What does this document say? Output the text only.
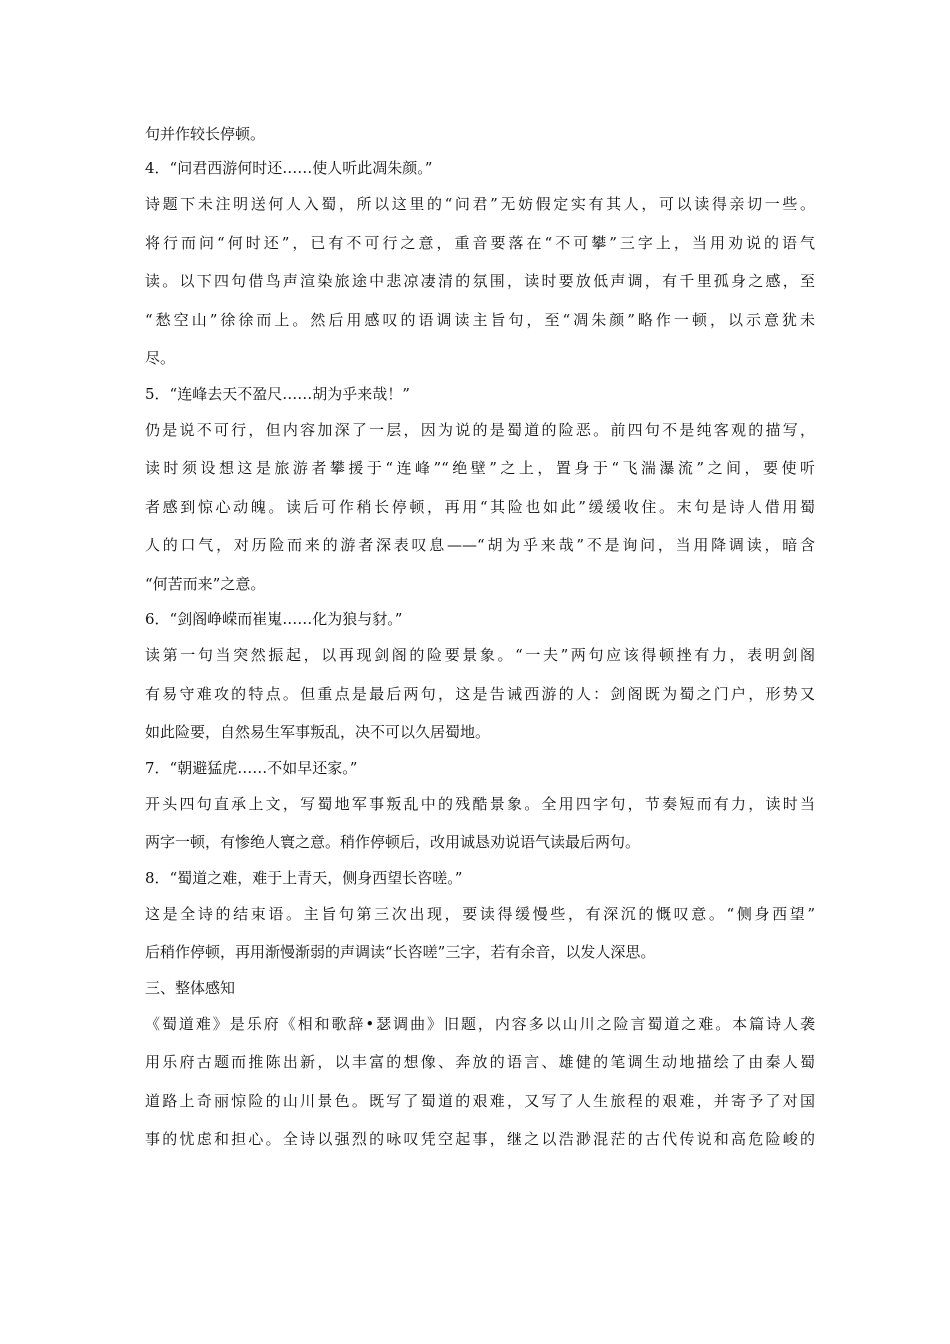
句并作较长停顿。
4．“问君西游何时还……使人听此凋朱颜。”
诗题下未注明送何人入蜀，所以这里的“问君”无妨假定实有其人，可以读得亲切一些。
将行而问“何时还”，已有不可行之意，重音要落在“不可攀”三字上，当用劝说的语气
读。以下四句借鸟声渲染旅途中悲凉凄清的氛围，读时要放低声调，有千里孤身之感，至
“愁空山”徐徐而上。然后用感叹的语调读主旨句，至“凋朱颜”略作一顿，以示意犹未
尽。
5．“连峰去天不盈尺……胡为乎来哉！”
仍是说不可行，但内容加深了一层，因为说的是蜀道的险恶。前四句不是纯客观的描写，
读时须设想这是旅游者攀援于“连峰”“绝壁”之上，置身于“飞湍瀑流”之间，要使听
者感到惊心动魄。读后可作稍长停顿，再用“其险也如此”缓缓收住。末句是诗人借用蜀
人的口气，对历险而来的游者深表叹息——“胡为乎来哉”不是询问，当用降调读，暗含
“何苦而来”之意。
6．“剑阁峥嵘而崔嵬……化为狼与豺。”
读第一句当突然振起，以再现剑阁的险要景象。“一夫”两句应该得顿挫有力，表明剑阁
有易守难攻的特点。但重点是最后两句，这是告诫西游的人：剑阁既为蜀之门户，形势又
如此险要，自然易生军事叛乱，决不可以久居蜀地。
7．“朝避猛虎……不如早还家。”
开头四句直承上文，写蜀地军事叛乱中的残酷景象。全用四字句，节奏短而有力，读时当
两字一顿，有惨绝人寰之意。稍作停顿后，改用诚恳劝说语气读最后两句。
8．“蜀道之难，难于上青天，侧身西望长咨嗟。”
这是全诗的结束语。主旨句第三次出现，要读得缓慢些，有深沉的慨叹意。“侧身西望”
后稍作停顿，再用渐慢渐弱的声调读“长咨嗟”三字，若有余音，以发人深思。
三、整体感知
《蜀道难》是乐府《相和歌辞•瑟调曲》旧题，内容多以山川之险言蜀道之难。本篇诗人袭
用乐府古题而推陈出新，以丰富的想像、奔放的语言、雄健的笔调生动地描绘了由秦人蜀
道路上奇丽惊险的山川景色。既写了蜀道的艰难，又写了人生旅程的艰难，并寄予了对国
事的忧虑和担心。全诗以强烈的咏叹凭空起事，继之以浩渺混茫的古代传说和高危险峻的
